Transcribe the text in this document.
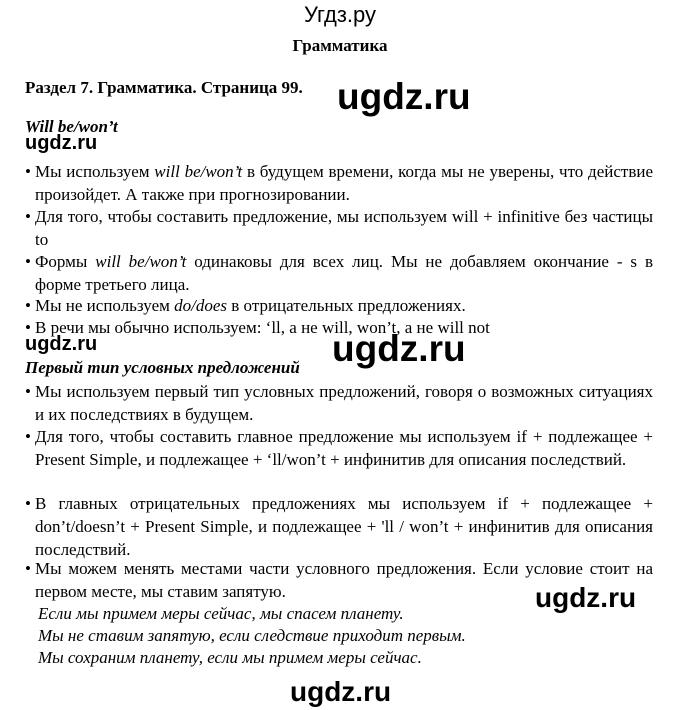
Угдз.ру
Грамматика
Раздел 7. Грамматика. Страница 99. ugdz.ru
ugdz.ru
ugdz.ru	ugdz.ru
ugdz.ru
ugdz.ru
Will be/won’t
• Мы используем will be/won’t в будущем времени, когда мы не уверены, что действие произойдет. А также при прогнозировании.
• Для того, чтобы составить предложение, мы используем will + infinitive без частицы to
• Формы will be/won’t одинаковы для всех лиц. Мы не добавляем окончание - s в форме третьего лица.
• Мы не используем do/does в отрицательных предложениях.
• В речи мы обычно используем: ‘ll, а не will, won’t, а не will not
Первый тип условных предложений
• Мы используем первый тип условных предложений, говоря о возможных ситуациях и их последствиях в будущем.
• Для того, чтобы составить главное предложение мы используем if + подлежащее + Present Simple, и подлежащее + ‘ll/won’t + инфинитив для описания последствий.
• В главных отрицательных предложениях мы используем if + подлежащее + don’t/doesn’t + Present Simple, и подлежащее + 'll / won’t + инфинитив для описания последствий.
• Мы можем менять местами части условного предложения. Если условие стоит на первом месте, мы ставим запятую.
Если мы примем меры сейчас, мы спасем планету.
Мы не ставим запятую, если следствие приходит первым.
Мы сохраним планету, если мы примем меры сейчас.
